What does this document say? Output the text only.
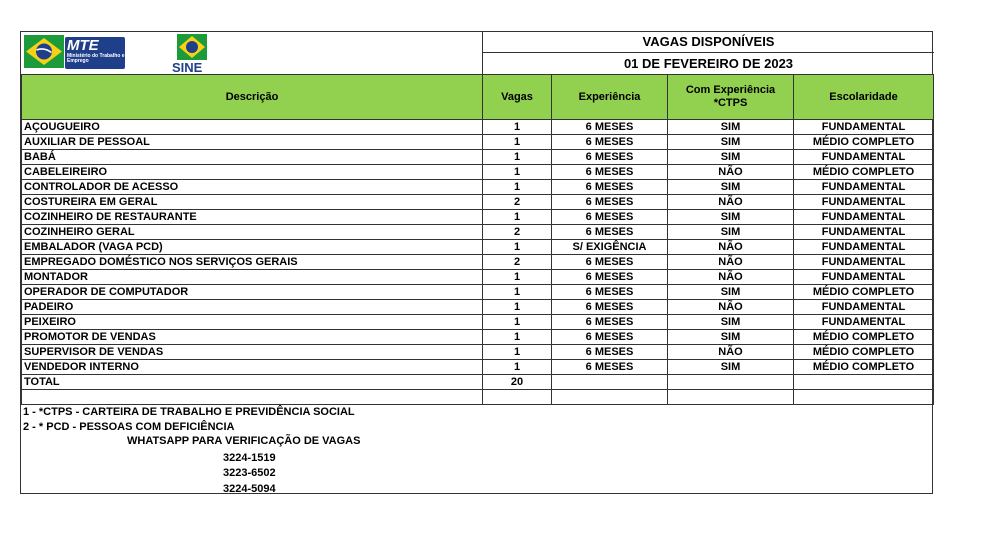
MTE
Ministério do Trabalho e Emprego	SINE
VAGAS DISPONÍVEIS
01 DE FEVEREIRO DE 2023
Descrição	Vagas	Experiência	Com Experiência *CTPS	Escolaridade
AÇOUGUEIRO	1	6 MESES	SIM	FUNDAMENTAL
AUXILIAR DE PESSOAL	1	6 MESES	SIM	MÉDIO COMPLETO
BABÁ	1	6 MESES	SIM	FUNDAMENTAL
CABELEIREIRO	1	6 MESES	NÃO	MÉDIO COMPLETO
CONTROLADOR DE ACESSO	1	6 MESES	SIM	FUNDAMENTAL
COSTUREIRA EM GERAL	2	6 MESES	NÃO	FUNDAMENTAL
COZINHEIRO DE RESTAURANTE	1	6 MESES	SIM	FUNDAMENTAL
COZINHEIRO GERAL	2	6 MESES	SIM	FUNDAMENTAL
EMBALADOR (VAGA PCD)	1	S/ EXIGÊNCIA	NÃO	FUNDAMENTAL
EMPREGADO DOMÉSTICO NOS SERVIÇOS GERAIS	2	6 MESES	NÃO	FUNDAMENTAL
MONTADOR	1	6 MESES	NÃO	FUNDAMENTAL
OPERADOR DE COMPUTADOR	1	6 MESES	SIM	MÉDIO COMPLETO
PADEIRO	1	6 MESES	NÃO	FUNDAMENTAL
PEIXEIRO	1	6 MESES	SIM	FUNDAMENTAL
PROMOTOR DE VENDAS	1	6 MESES	SIM	MÉDIO COMPLETO
SUPERVISOR DE VENDAS	1	6 MESES	NÃO	MÉDIO COMPLETO
VENDEDOR INTERNO	1	6 MESES	SIM	MÉDIO COMPLETO
TOTAL	20			

1 - *CTPS - CARTEIRA DE TRABALHO E PREVIDÊNCIA SOCIAL
2 - * PCD - PESSOAS COM DEFICIÊNCIA
WHATSAPP PARA VERIFICAÇÃO DE VAGAS
3224-1519
3223-6502
3224-5094
